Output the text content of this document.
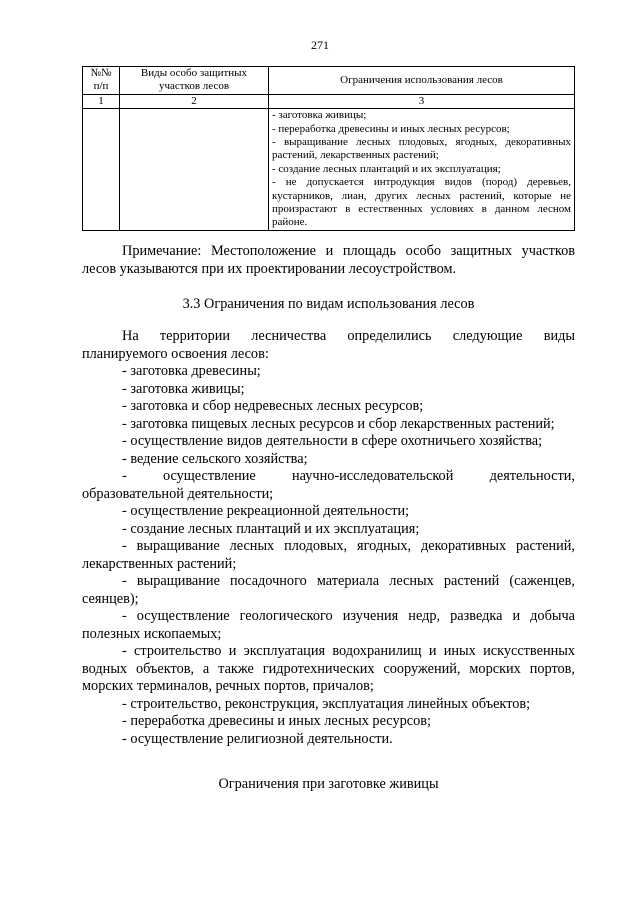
271
№№ п/п	Виды особо защитных участков лесов	Ограничения использования лесов
1	2	3

		- заготовка живицы;
- переработка древесины и иных лесных ресурсов;
- выращивание лесных плодовых, ягодных, декоративных растений, лекарственных растений;
- создание лесных плантаций и их эксплуатация;
- не допускается интродукция видов (пород) деревьев, кустарников, лиан, других лесных растений, которые не произрастают в естественных условиях в данном лесном районе.

Примечание: Местоположение и площадь особо защитных участков лесов указываются при их проектировании лесоустройством.

3.3 Ограничения по видам использования лесов

На территории лесничества определились следующие виды планируемого освоения лесов:

- заготовка древесины;

- заготовка живицы;

- заготовка и сбор недревесных лесных ресурсов;

- заготовка пищевых лесных ресурсов и сбор лекарственных растений;

- осуществление видов деятельности в сфере охотничьего хозяйства;

- ведение сельского хозяйства;

- осуществление научно-исследовательской деятельности, образовательной деятельности;

- осуществление рекреационной деятельности;

- создание лесных плантаций и их эксплуатация;

- выращивание лесных плодовых, ягодных, декоративных растений, лекарственных растений;

- выращивание посадочного материала лесных растений (саженцев, сеянцев);

- осуществление геологического изучения недр, разведка и добыча полезных ископаемых;

- строительство и эксплуатация водохранилищ и иных искусственных водных объектов, а также гидротехнических сооружений, морских портов, морских терминалов, речных портов, причалов;

- строительство, реконструкция, эксплуатация линейных объектов;

- переработка древесины и иных лесных ресурсов;

- осуществление религиозной деятельности.

Ограничения при заготовке живицы
